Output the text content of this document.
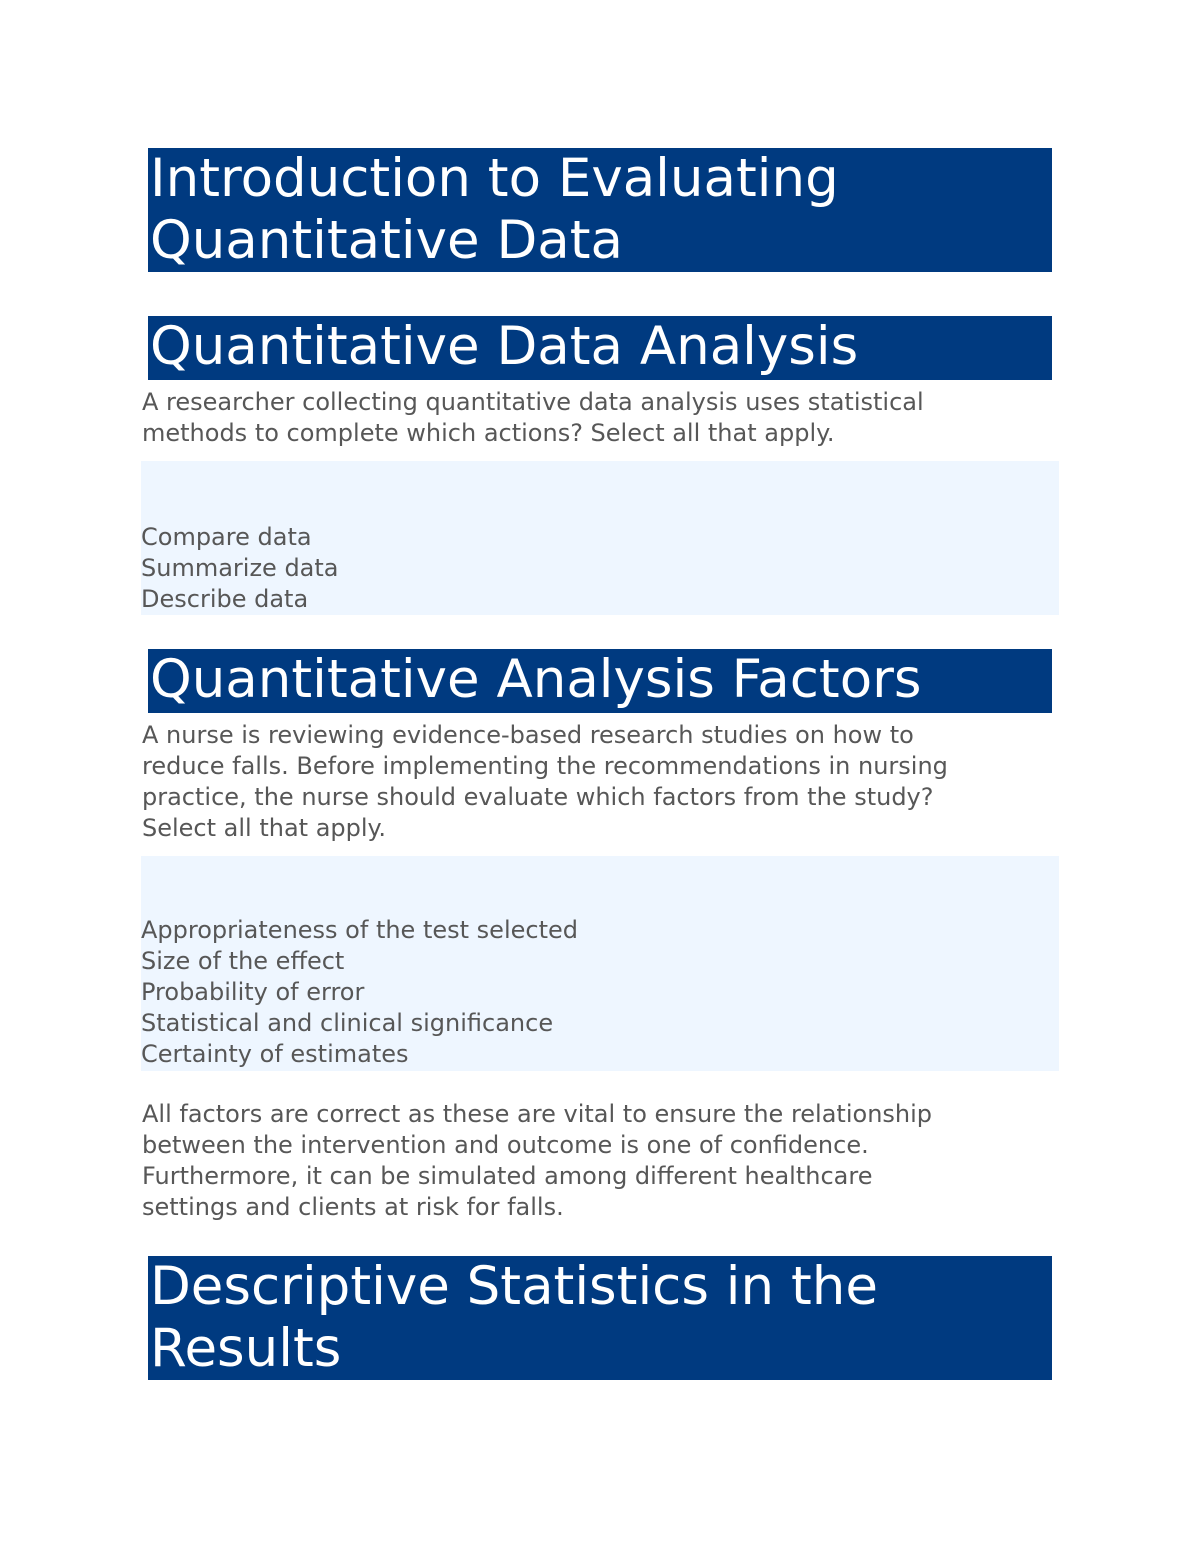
Introduction to Evaluating
Quantitative Data
Quantitative Data Analysis

A researcher collecting quantitative data analysis uses statistical
methods to complete which actions? Select all that apply.

Compare data
Summarize data
Describe data
Quantitative Analysis Factors

A nurse is reviewing evidence-based research studies on how to
reduce falls. Before implementing the recommendations in nursing
practice, the nurse should evaluate which factors from the study?
Select all that apply.

Appropriateness of the test selected
Size of the effect
Probability of error
Statistical and clinical significance
Certainty of estimates

All factors are correct as these are vital to ensure the relationship
between the intervention and outcome is one of confidence.
Furthermore, it can be simulated among different healthcare
settings and clients at risk for falls.

Descriptive Statistics in the
Results
